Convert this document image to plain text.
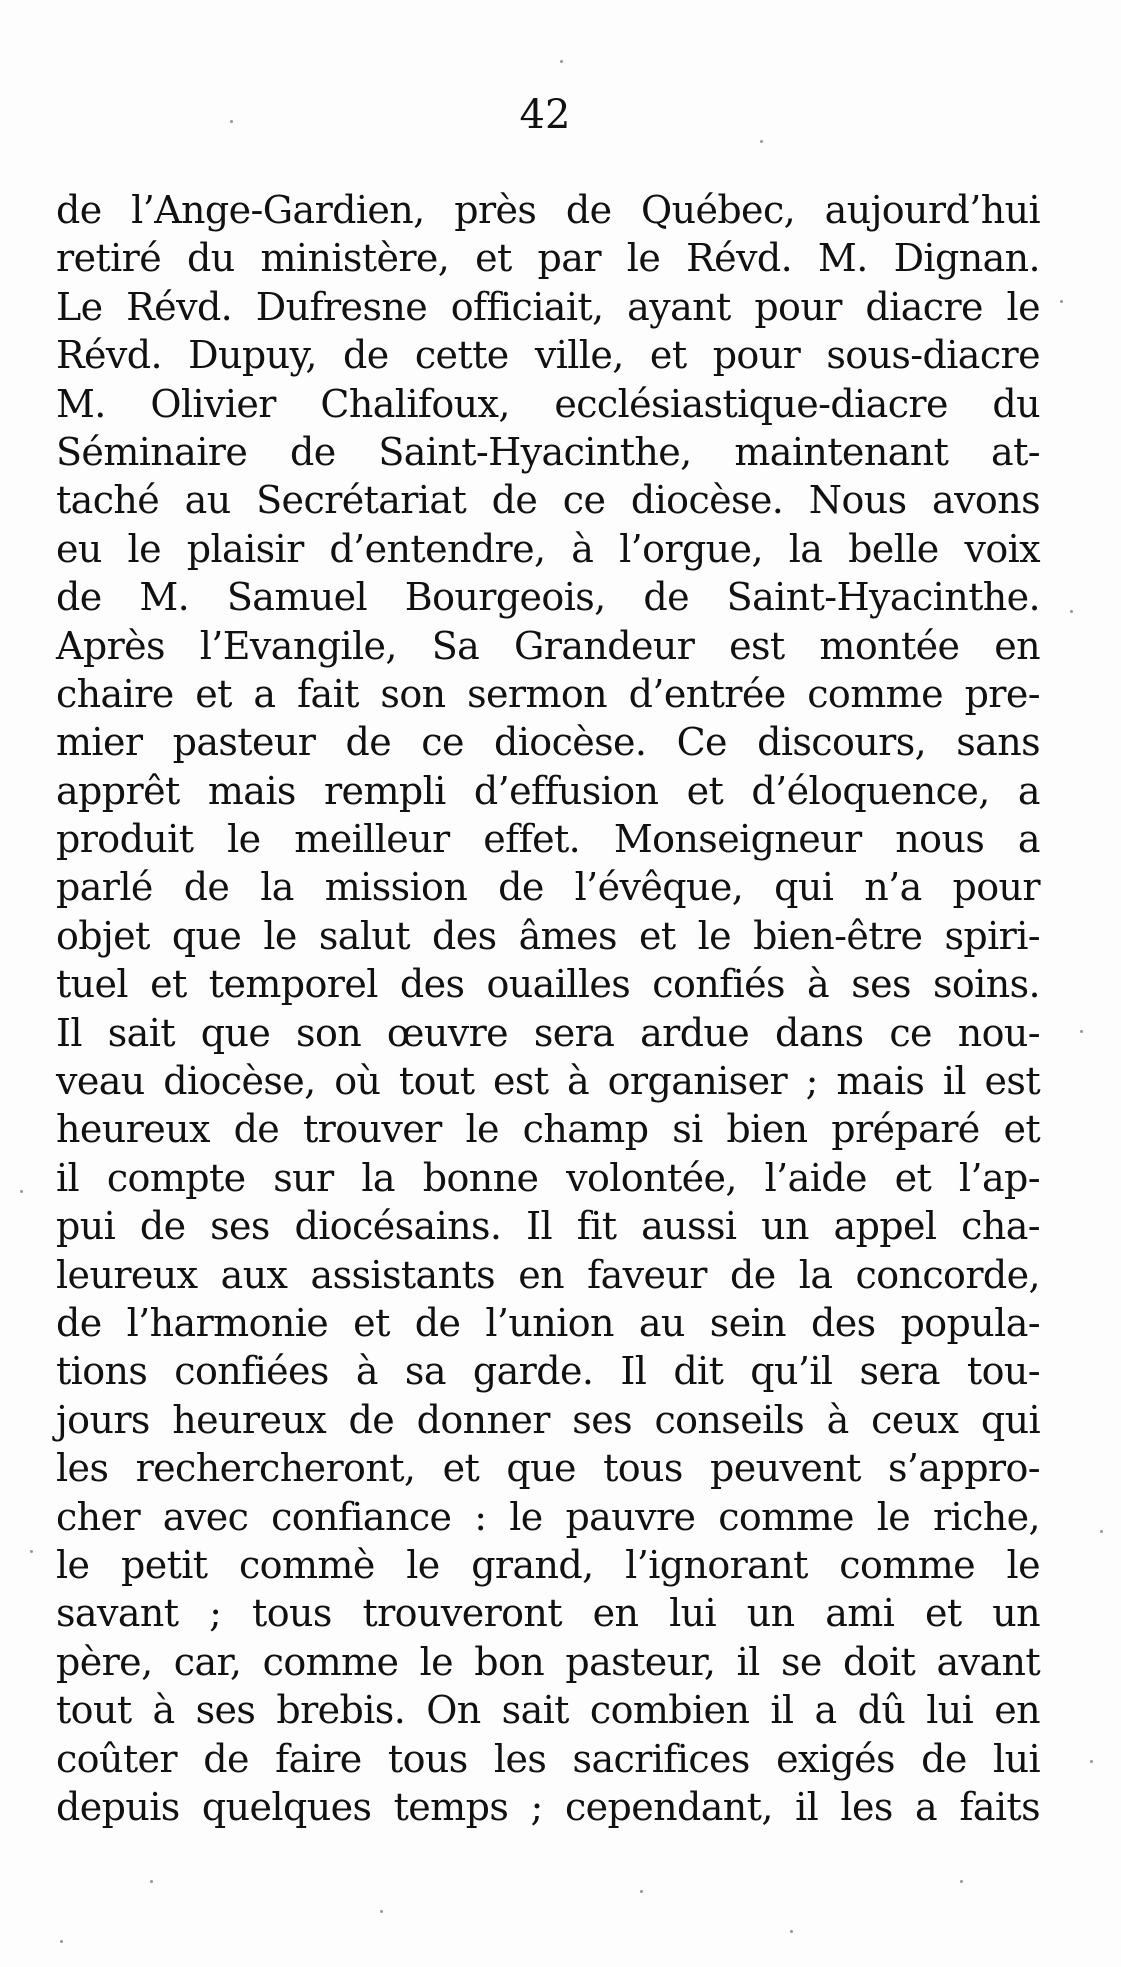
42
de l’Ange-Gardien, près de Québec, aujourd’hui
retiré du ministère, et par le Révd. M. Dignan.
Le Révd. Dufresne officiait, ayant pour diacre le
Révd. Dupuy, de cette ville, et pour sous-diacre
M. Olivier Chalifoux, ecclésiastique-diacre du
Séminaire de Saint-Hyacinthe, maintenant at-
taché au Secrétariat de ce diocèse. Nous avons
eu le plaisir d’entendre, à l’orgue, la belle voix
de M. Samuel Bourgeois, de Saint-Hyacinthe.
Après l’Evangile, Sa Grandeur est montée en
chaire et a fait son sermon d’entrée comme pre-
mier pasteur de ce diocèse. Ce discours, sans
apprêt mais rempli d’effusion et d’éloquence, a
produit le meilleur effet. Monseigneur nous a
parlé de la mission de l’évêque, qui n’a pour
objet que le salut des âmes et le bien-être spiri-
tuel et temporel des ouailles confiés à ses soins.
Il sait que son œuvre sera ardue dans ce nou-
veau diocèse, où tout est à organiser ; mais il est
heureux de trouver le champ si bien préparé et
il compte sur la bonne volontée, l’aide et l’ap-
pui de ses diocésains. Il fit aussi un appel cha-
leureux aux assistants en faveur de la concorde,
de l’harmonie et de l’union au sein des popula-
tions confiées à sa garde. Il dit qu’il sera tou-
jours heureux de donner ses conseils à ceux qui
les rechercheront, et que tous peuvent s’appro-
cher avec confiance : le pauvre comme le riche,
le petit commè le grand, l’ignorant comme le
savant ; tous trouveront en lui un ami et un
père, car, comme le bon pasteur, il se doit avant
tout à ses brebis. On sait combien il a dû lui en
coûter de faire tous les sacrifices exigés de lui
depuis quelques temps ; cependant, il les a faits
